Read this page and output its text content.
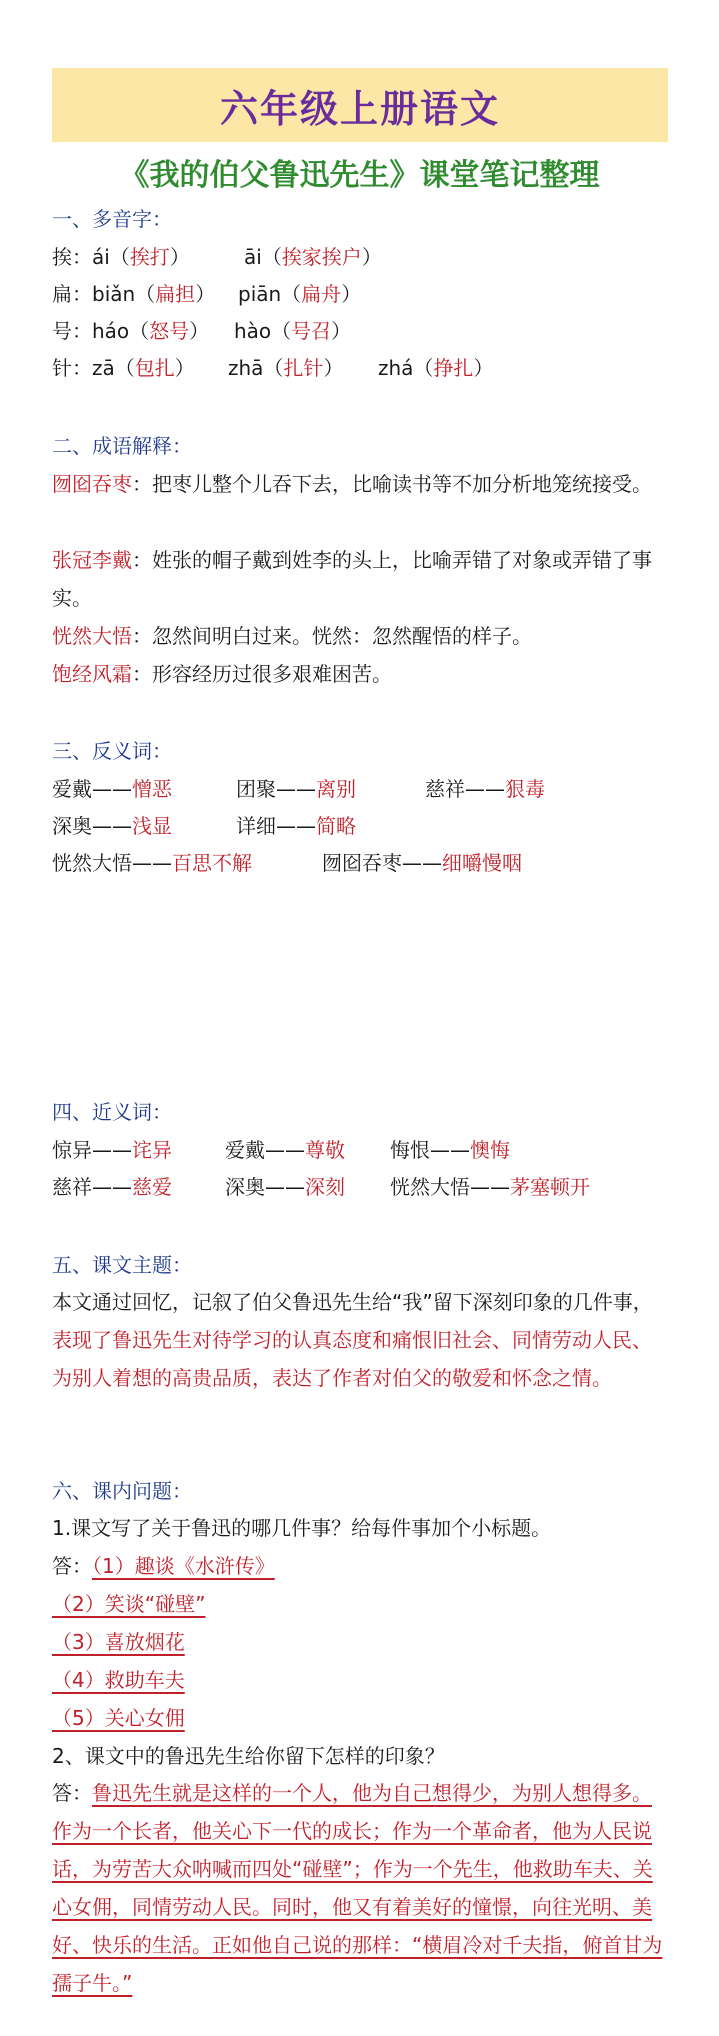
六年级上册语文
《我的伯父鲁迅先生》课堂笔记整理
一、多音字：
挨：ái（挨打）	āi（挨家挨户）
扁：biǎn（扁担） piān（扁舟）
号：háo（怒号） hào（号召）
针：zā（包扎） zhā（扎针） zhá（挣扎）
二、成语解释：
囫囵吞枣：把枣儿整个儿吞下去，比喻读书等不加分析地笼统接受。
张冠李戴：姓张的帽子戴到姓李的头上，比喻弄错了对象或弄错了事实。
恍然大悟：忽然间明白过来。恍然：忽然醒悟的样子。
饱经风霜：形容经历过很多艰难困苦。
三、反义词：
爱戴——憎恶	团聚——离别	慈祥——狠毒
深奥——浅显	详细——简略
恍然大悟——百思不解	囫囵吞枣——细嚼慢咽
四、近义词：
惊异——诧异	爱戴——尊敬 悔恨——懊悔
慈祥——慈爱	深奥——深刻 恍然大悟——茅塞顿开
五、课文主题：
本文通过回忆，记叙了伯父鲁迅先生给“我”留下深刻印象的几件事，表现了鲁迅先生对待学习的认真态度和痛恨旧社会、同情劳动人民、为别人着想的高贵品质，表达了作者对伯父的敬爱和怀念之情。
六、课内问题：
1.课文写了关于鲁迅的哪几件事？给每件事加个小标题。
答：（1）趣谈《水浒传》
（2）笑谈“碰壁”
（3）喜放烟花
（4）救助车夫
（5）关心女佣
2、课文中的鲁迅先生给你留下怎样的印象？
答：鲁迅先生就是这样的一个人，他为自己想得少，为别人想得多。作为一个长者，他关心下一代的成长；作为一个革命者，他为人民说话，为劳苦大众呐喊而四处“碰壁”；作为一个先生，他救助车夫、关心女佣，同情劳动人民。同时，他又有着美好的憧憬，向往光明、美好、快乐的生活。正如他自己说的那样：“横眉冷对千夫指，俯首甘为孺子牛。”
